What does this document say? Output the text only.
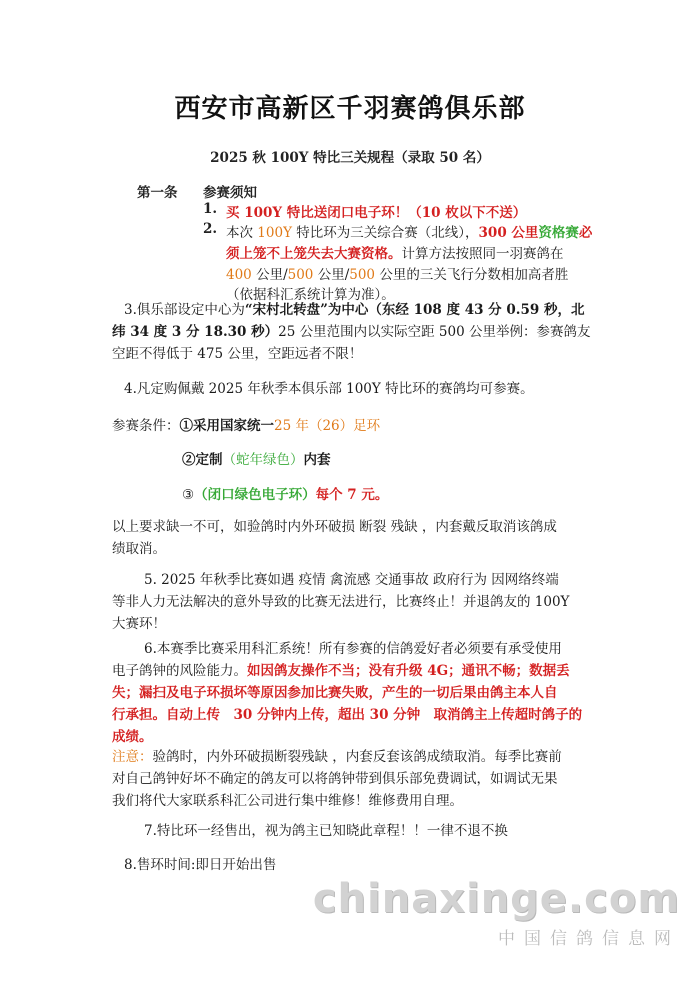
西安市高新区千羽赛鸽俱乐部
2025 秋 100Y 特比三关规程（录取 50 名）
第一条 参赛须知
1. 买 100Y 特比送闭口电子环！（10 枚以下不送）
2. 本次 100Y 特比环为三关综合赛（北线），300 公里资格赛必
须上笼不上笼失去大赛资格。计算方法按照同一羽赛鸽在
400 公里/500 公里/500 公里的三关飞行分数相加高者胜
（依据科汇系统计算为准）。
3.俱乐部设定中心为“宋村北转盘”为中心（东经 108 度 43 分 0.59 秒，北
纬 34 度 3 分 18.30 秒）25 公里范围内以实际空距 500 公里举例：参赛鸽友
空距不得低于 475 公里，空距远者不限！
4.凡定购佩戴 2025 年秋季本俱乐部 100Y 特比环的赛鸽均可参赛。
参赛条件：①采用国家统一25 年（26）足环
②定制（蛇年绿色）内套
③（闭口绿色电子环）每个 7 元。
以上要求缺一不可，如验鸽时内外环破损 断裂 残缺 ，内套戴反取消该鸽成
绩取消。
5. 2025 年秋季比赛如遇 疫情 禽流感 交通事故 政府行为 因网络终端
等非人力无法解决的意外导致的比赛无法进行，比赛终止！并退鸽友的 100Y
大赛环！
6.本赛季比赛采用科汇系统！所有参赛的信鸽爱好者必须要有承受使用
电子鸽钟的风险能力。如因鸽友操作不当；没有升级 4G；通讯不畅；数据丢
失；漏扫及电子环损坏等原因参加比赛失败，产生的一切后果由鸽主本人自
行承担。自动上传　30 分钟内上传，超出 30 分钟　取消鸽主上传超时鸽子的
成绩。
注意：验鸽时，内外环破损断裂残缺 ，内套反套该鸽成绩取消。每季比赛前
对自己鸽钟好坏不确定的鸽友可以将鸽钟带到俱乐部免费调试，如调试无果
我们将代大家联系科汇公司进行集中维修！维修费用自理。
7.特比环一经售出，视为鸽主已知晓此章程！！一律不退不换
8.售环时间:即日开始出售
chinaxinge.com
中国信鸽信息网
